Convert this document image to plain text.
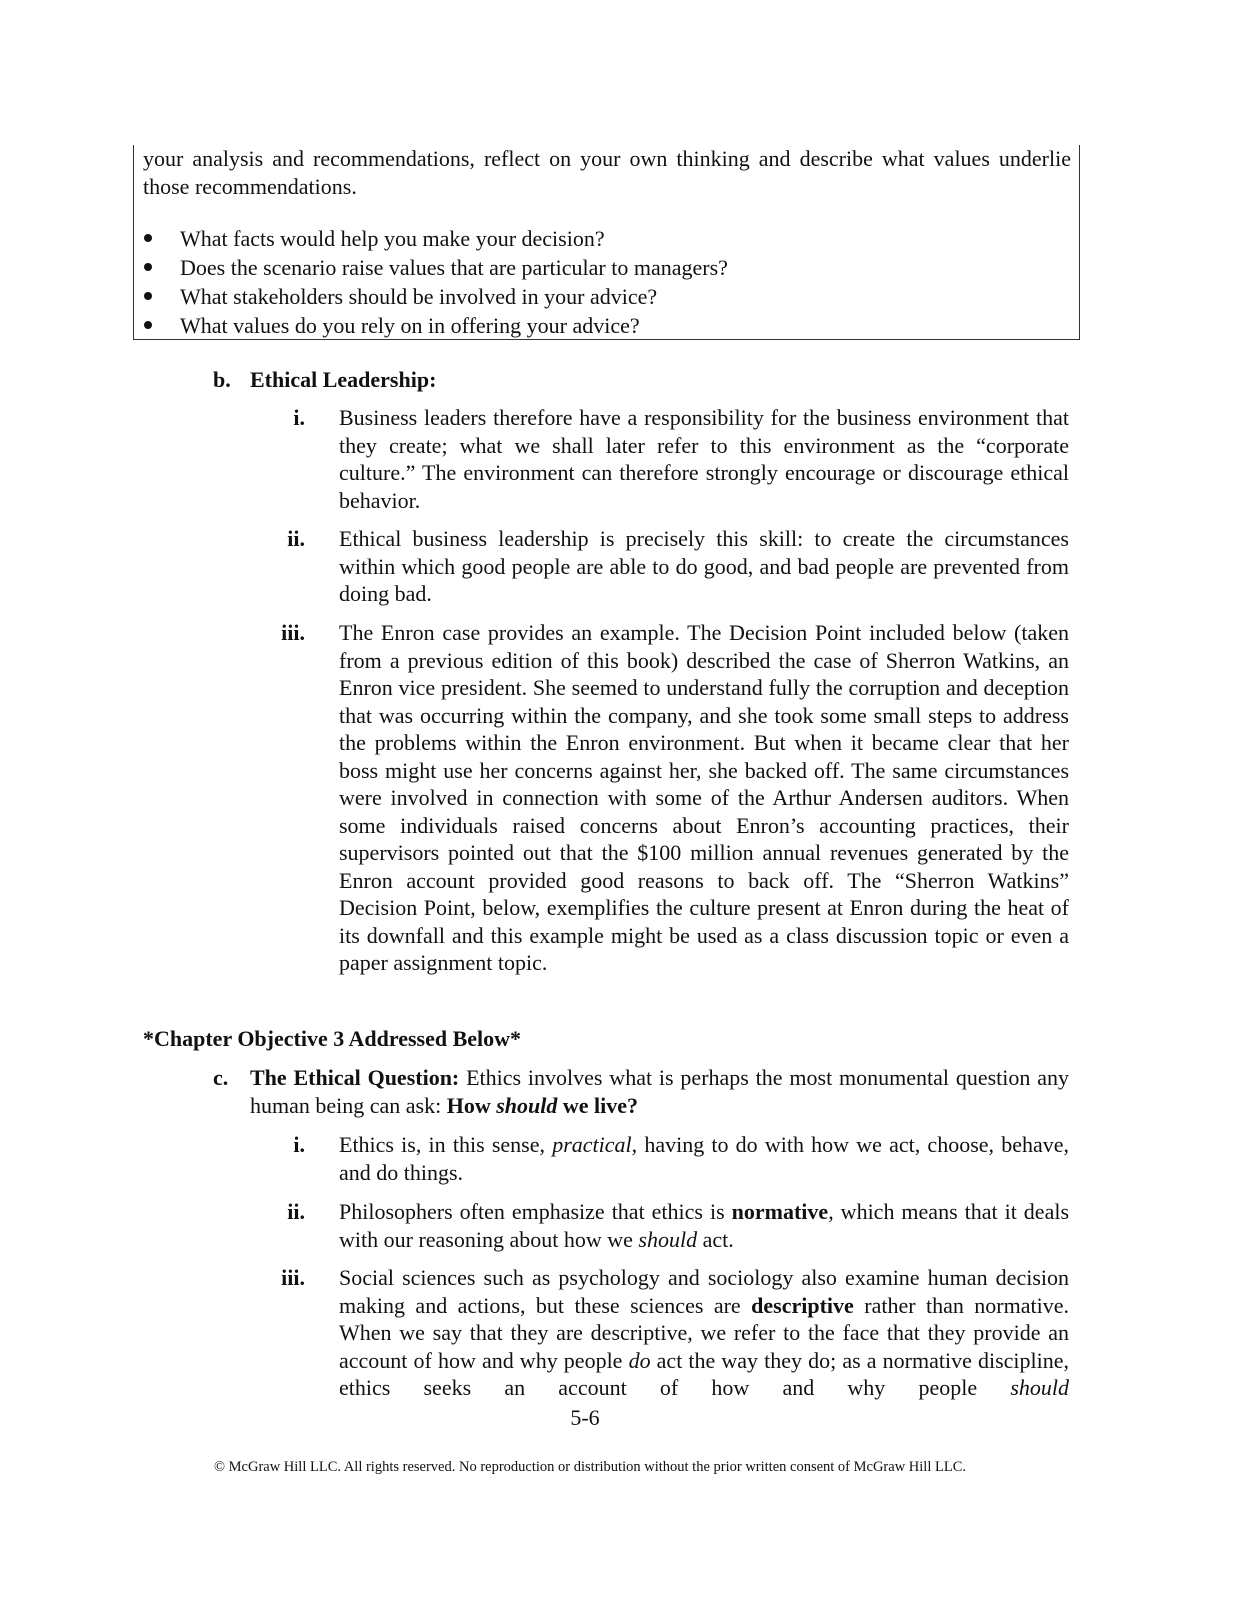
your analysis and recommendations, reflect on your own thinking and describe what values underlie those recommendations.
What facts would help you make your decision?
Does the scenario raise values that are particular to managers?
What stakeholders should be involved in your advice?
What values do you rely on in offering your advice?
b. Ethical Leadership:
i. Business leaders therefore have a responsibility for the business environment that they create; what we shall later refer to this environment as the “corporate culture.” The environment can therefore strongly encourage or discourage ethical behavior.
ii. Ethical business leadership is precisely this skill: to create the circumstances within which good people are able to do good, and bad people are prevented from doing bad.
iii. The Enron case provides an example. The Decision Point included below (taken from a previous edition of this book) described the case of Sherron Watkins, an Enron vice president. She seemed to understand fully the corruption and deception that was occurring within the company, and she took some small steps to address the problems within the Enron environment. But when it became clear that her boss might use her concerns against her, she backed off. The same circumstances were involved in connection with some of the Arthur Andersen auditors. When some individuals raised concerns about Enron’s accounting practices, their supervisors pointed out that the $100 million annual revenues generated by the Enron account provided good reasons to back off. The “Sherron Watkins” Decision Point, below, exemplifies the culture present at Enron during the heat of its downfall and this example might be used as a class discussion topic or even a paper assignment topic.
*Chapter Objective 3 Addressed Below*
c. The Ethical Question: Ethics involves what is perhaps the most monumental question any human being can ask: How should we live?
i. Ethics is, in this sense, practical, having to do with how we act, choose, behave, and do things.
ii. Philosophers often emphasize that ethics is normative, which means that it deals with our reasoning about how we should act.
iii. Social sciences such as psychology and sociology also examine human decision making and actions, but these sciences are descriptive rather than normative. When we say that they are descriptive, we refer to the face that they provide an account of how and why people do act the way they do; as a normative discipline, ethics seeks an account of how and why people should
5-6
© McGraw Hill LLC. All rights reserved. No reproduction or distribution without the prior written consent of McGraw Hill LLC.
